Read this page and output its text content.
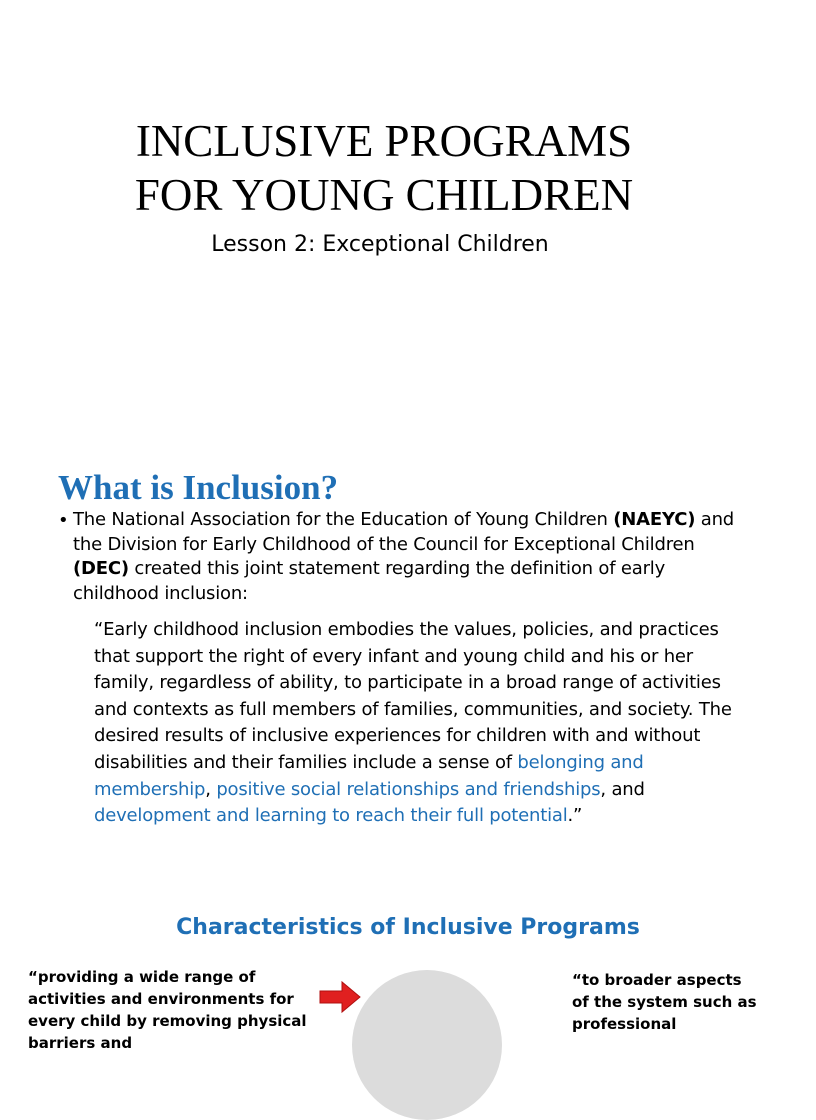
INCLUSIVE PROGRAMS
FOR YOUNG CHILDREN

Lesson 2: Exceptional Children

What is Inclusion?
• The National Association for the Education of Young Children (NAEYC) and the Division for Early Childhood of the Council for Exceptional Children (DEC) created this joint statement regarding the definition of early childhood inclusion:

“Early childhood inclusion embodies the values, policies, and practices that support the right of every infant and young child and his or her family, regardless of ability, to participate in a broad range of activities and contexts as full members of families, communities, and society. The desired results of inclusive experiences for children with and without disabilities and their families include a sense of belonging and membership, positive social relationships and friendships, and development and learning to reach their full potential.”

Characteristics of Inclusive Programs

“providing a wide range of activities and environments for every child by removing physical barriers and

“to broader aspects of the system such as professional
